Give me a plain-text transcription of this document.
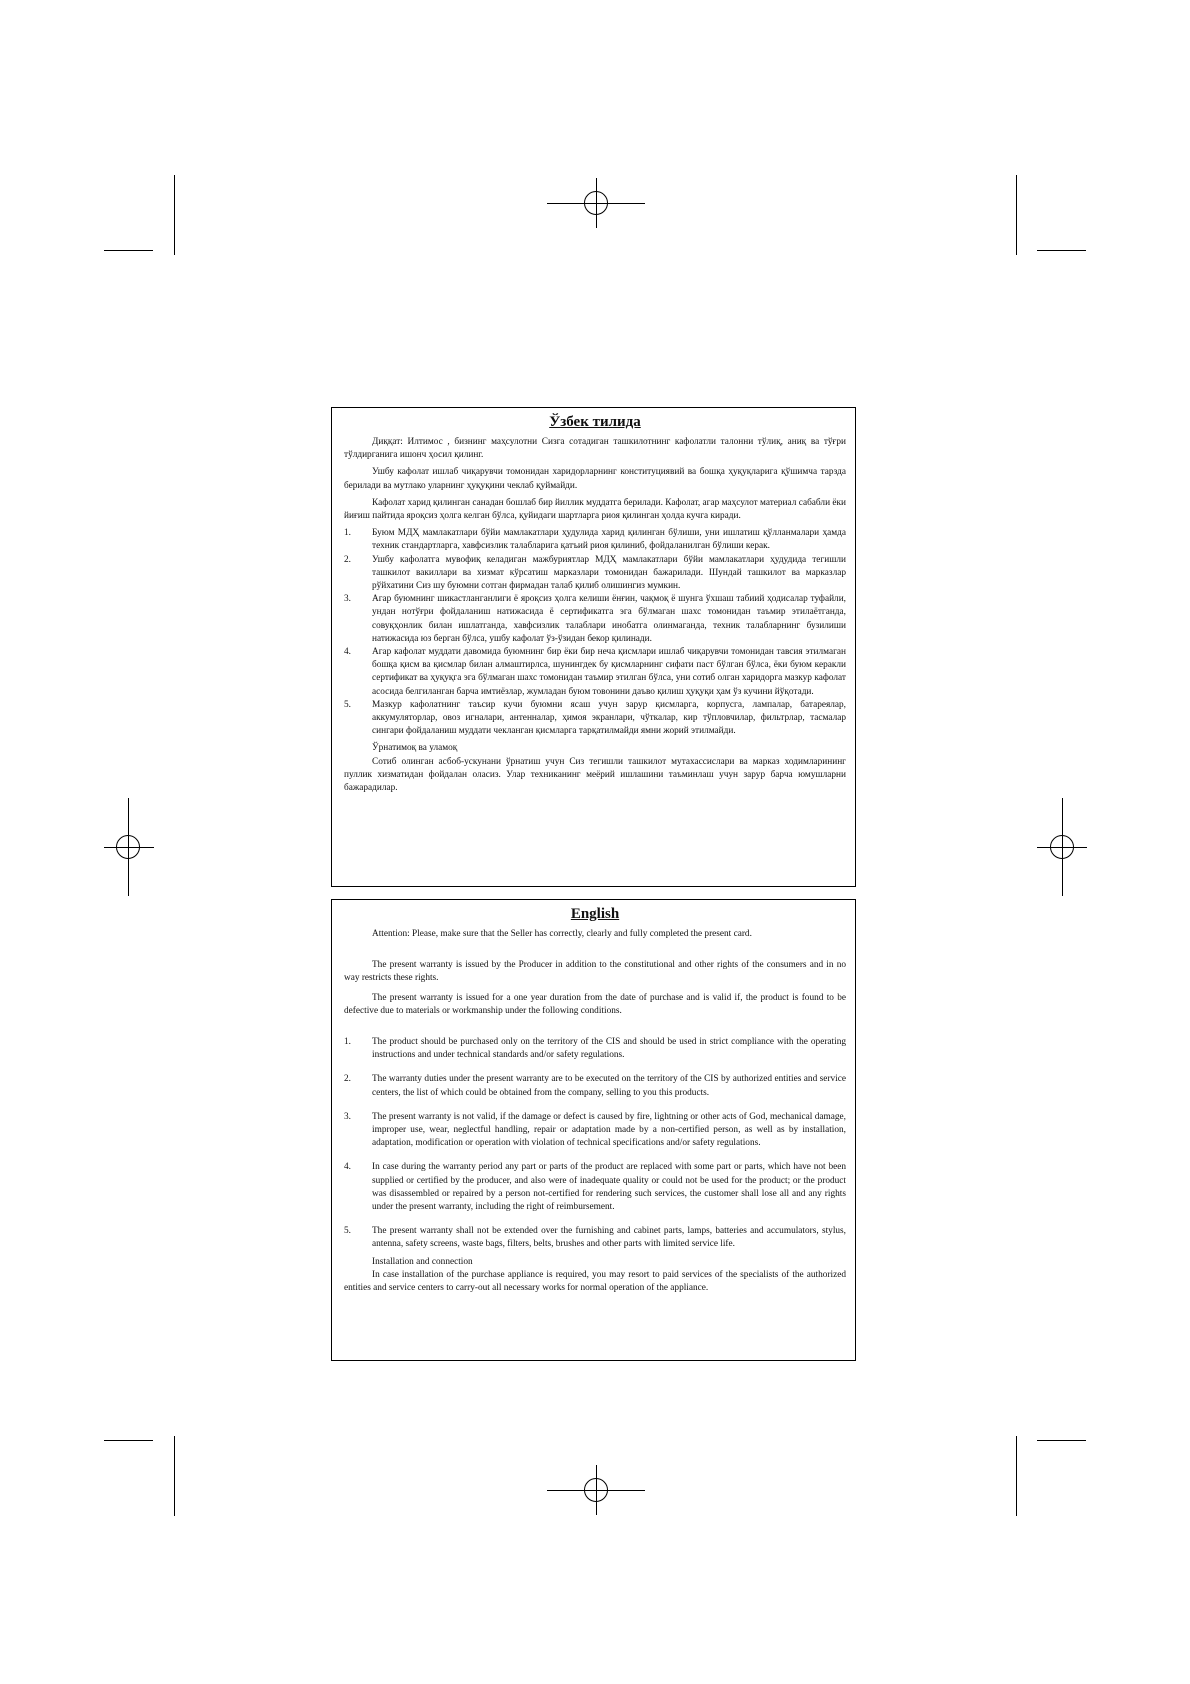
Ўзбек тилида

Диққат: Илтимос , бизнинг маҳсулотни Сизга сотадиган ташкилотнинг кафолатли талонни тўлиқ, аниқ ва тўғри тўлдирганига ишонч ҳосил қилинг.

Ушбу кафолат ишлаб чиқарувчи томонидан харидорларнинг конституциявий ва бошқа ҳуқуқларига қўшимча тарзда берилади ва мутлако уларнинг ҳуқуқини чеклаб қуймайди.

Кафолат харид қилинган санадан бошлаб бир йиллик муддатга берилади. Кафолат, агар маҳсулот материал сабабли ёки йиғиш пайтида яроқсиз ҳолга келган бўлса, қуйидаги шартларга риоя қилинган ҳолда кучга киради.

1. Буюм МДҲ мамлакатлари бўйи мамлакатлари ҳудулида харид қилинган бўлиши, уни ишлатиш қўлланмалари ҳамда техник стандартларга, хавфсизлик талабларига қатъий риоя қилиниб, фойдаланилган бўлиши керак.
2. Ушбу кафолатга мувофиқ келадиган мажбуриятлар МДҲ мамлакатлари бўйи мамлакатлари ҳудудида тегишли ташкилот вакиллари ва хизмат кўрсатиш марказлари томонидан бажарилади. Шундай ташкилот ва марказлар рўйхатини Сиз шу буюмни сотган фирмадан талаб қилиб олишингиз мумкин.
3. Агар буюмнинг шикастланганлиги ё яроқсиз ҳолга келиши ёнғин, чақмоқ ё шунга ўхшаш табиий ҳодисалар туфайли, ундан нотўғри фойдаланиш натижасида ё сертификатга эга бўлмаган шахс томонидан таъмир этилаётганда, совуқҳонлик билан ишлатганда, хавфсизлик талаблари инобатга олинмаганда, техник талабларнинг бузилиши натижасида юз берган бўлса, ушбу кафолат ўз-ўзидан бекор қилинади.
4. Агар кафолат муддати давомида буюмнинг бир ёки бир неча қисмлари ишлаб чиқарувчи томонидан тавсия этилмаган бошқа қисм ва қисмлар билан алмаштирлса, шунингдек бу қисмларнинг сифати паст бўлган бўлса, ёки буюм керакли сертификат ва ҳуқуқга эга бўлмаган шахс томонидан таъмир этилган бўлса, уни сотиб олган харидорга мазкур кафолат асосида белгиланган барча имтиёзлар, жумладан буюм товонини даъво қилиш ҳуқуқи ҳам ўз кучини йўқотади.
5. Мазкур кафолатнинг таъсир кучи буюмни ясаш учун зарур қисмларга, корпусга, лампалар, батареялар, аккумуляторлар, овоз игналари, антенналар, ҳимоя экранлари, чўткалар, кир тўпловчилар, фильтрлар, тасмалар сингари фойдаланиш муддати чекланган қисмларга тарқатилмайди ямни жорий этилмайди.

Ўрнатимоқ ва уламоқ

Сотиб олинган асбоб-ускунани ўрнатиш учун Сиз тегишли ташкилот мутахассислари ва марказ ходимларининг пуллик хизматидан фойдалан оласиз. Улар техниканинг меёрий ишлашини таъминлаш учун зарур барча юмушларни бажарадилар.

English

Attention: Please, make sure that the Seller has correctly, clearly and fully completed the present card.

The present warranty is issued by the Producer in addition to the constitutional and other rights of the consumers and in no way restricts these rights.

The present warranty is issued for a one year duration from the date of purchase and is valid if, the product is found to be defective due to materials or workmanship under the following conditions.

1. The product should be purchased only on the territory of the CIS and should be used in strict compliance with the operating instructions and under technical standards and/or safety regulations.
2. The warranty duties under the present warranty are to be executed on the territory of the CIS by authorized entities and service centers, the list of which could be obtained from the company, selling to you this products.
3. The present warranty is not valid, if the damage or defect is caused by fire, lightning or other acts of God, mechanical damage, improper use, wear, neglectful handling, repair or adaptation made by a non-certified person, as well as by installation, adaptation, modification or operation with violation of technical specifications and/or safety regulations.
4. In case during the warranty period any part or parts of the product are replaced with some part or parts, which have not been supplied or certified by the producer, and also were of inadequate quality or could not be used for the product; or the product was disassembled or repaired by a person not-certified for rendering such services, the customer shall lose all and any rights under the present warranty, including the right of reimbursement.
5. The present warranty shall not be extended over the furnishing and cabinet parts, lamps, batteries and accumulators, stylus, antenna, safety screens, waste bags, filters, belts, brushes and other parts with limited service life.

Installation and connection

In case installation of the purchase appliance is required, you may resort to paid services of the specialists of the authorized entities and service centers to carry-out all necessary works for normal operation of the appliance.
